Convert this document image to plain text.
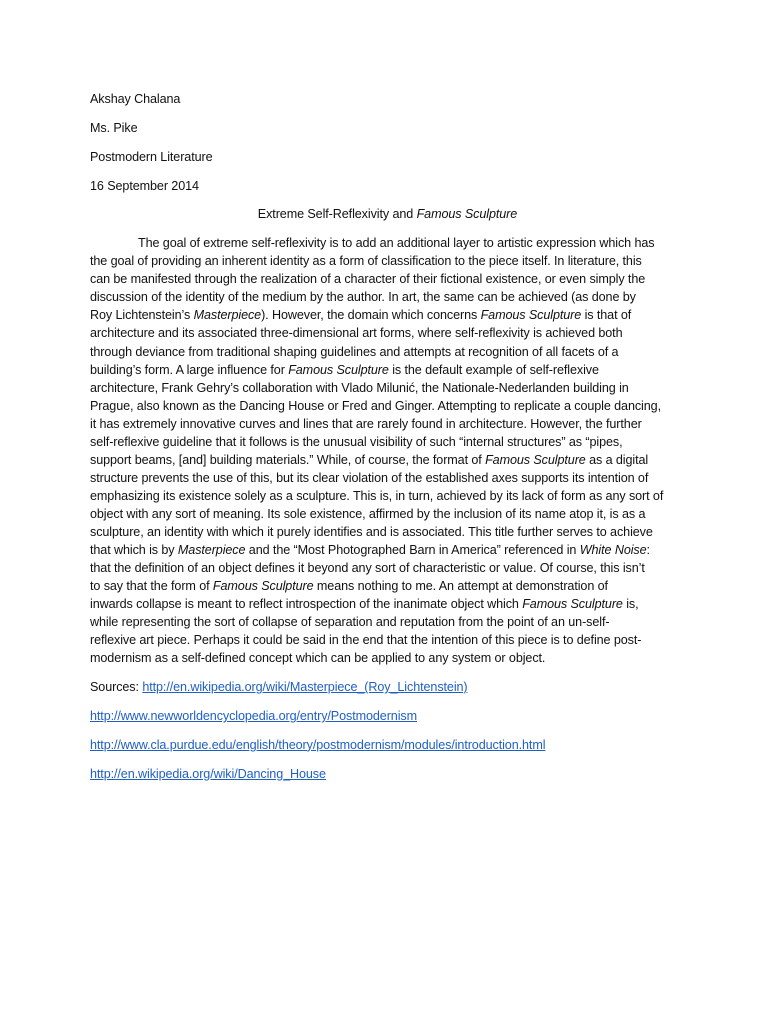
Akshay Chalana
Ms. Pike
Postmodern Literature
16 September 2014
Extreme Self-Reflexivity and Famous Sculpture
The goal of extreme self-reflexivity is to add an additional layer to artistic expression which has
the goal of providing an inherent identity as a form of classification to the piece itself. In literature, this
can be manifested through the realization of a character of their fictional existence, or even simply the
discussion of the identity of the medium by the author. In art, the same can be achieved (as done by
Roy Lichtenstein’s Masterpiece). However, the domain which concerns Famous Sculpture is that of
architecture and its associated three-dimensional art forms, where self-reflexivity is achieved both
through deviance from traditional shaping guidelines and attempts at recognition of all facets of a
building’s form. A large influence for Famous Sculpture is the default example of self-reflexive
architecture, Frank Gehry’s collaboration with Vlado Milunić, the Nationale-Nederlanden building in
Prague, also known as the Dancing House or Fred and Ginger. Attempting to replicate a couple dancing,
it has extremely innovative curves and lines that are rarely found in architecture. However, the further
self-reflexive guideline that it follows is the unusual visibility of such “internal structures” as “pipes,
support beams, [and] building materials.” While, of course, the format of Famous Sculpture as a digital
structure prevents the use of this, but its clear violation of the established axes supports its intention of
emphasizing its existence solely as a sculpture. This is, in turn, achieved by its lack of form as any sort of
object with any sort of meaning. Its sole existence, affirmed by the inclusion of its name atop it, is as a
sculpture, an identity with which it purely identifies and is associated. This title further serves to achieve
that which is by Masterpiece and the “Most Photographed Barn in America” referenced in White Noise:
that the definition of an object defines it beyond any sort of characteristic or value. Of course, this isn’t
to say that the form of Famous Sculpture means nothing to me. An attempt at demonstration of
inwards collapse is meant to reflect introspection of the inanimate object which Famous Sculpture is,
while representing the sort of collapse of separation and reputation from the point of an un-self-
reflexive art piece. Perhaps it could be said in the end that the intention of this piece is to define post-
modernism as a self-defined concept which can be applied to any system or object.
Sources: http://en.wikipedia.org/wiki/Masterpiece_(Roy_Lichtenstein)
http://www.newworldencyclopedia.org/entry/Postmodernism
http://www.cla.purdue.edu/english/theory/postmodernism/modules/introduction.html
http://en.wikipedia.org/wiki/Dancing_House
